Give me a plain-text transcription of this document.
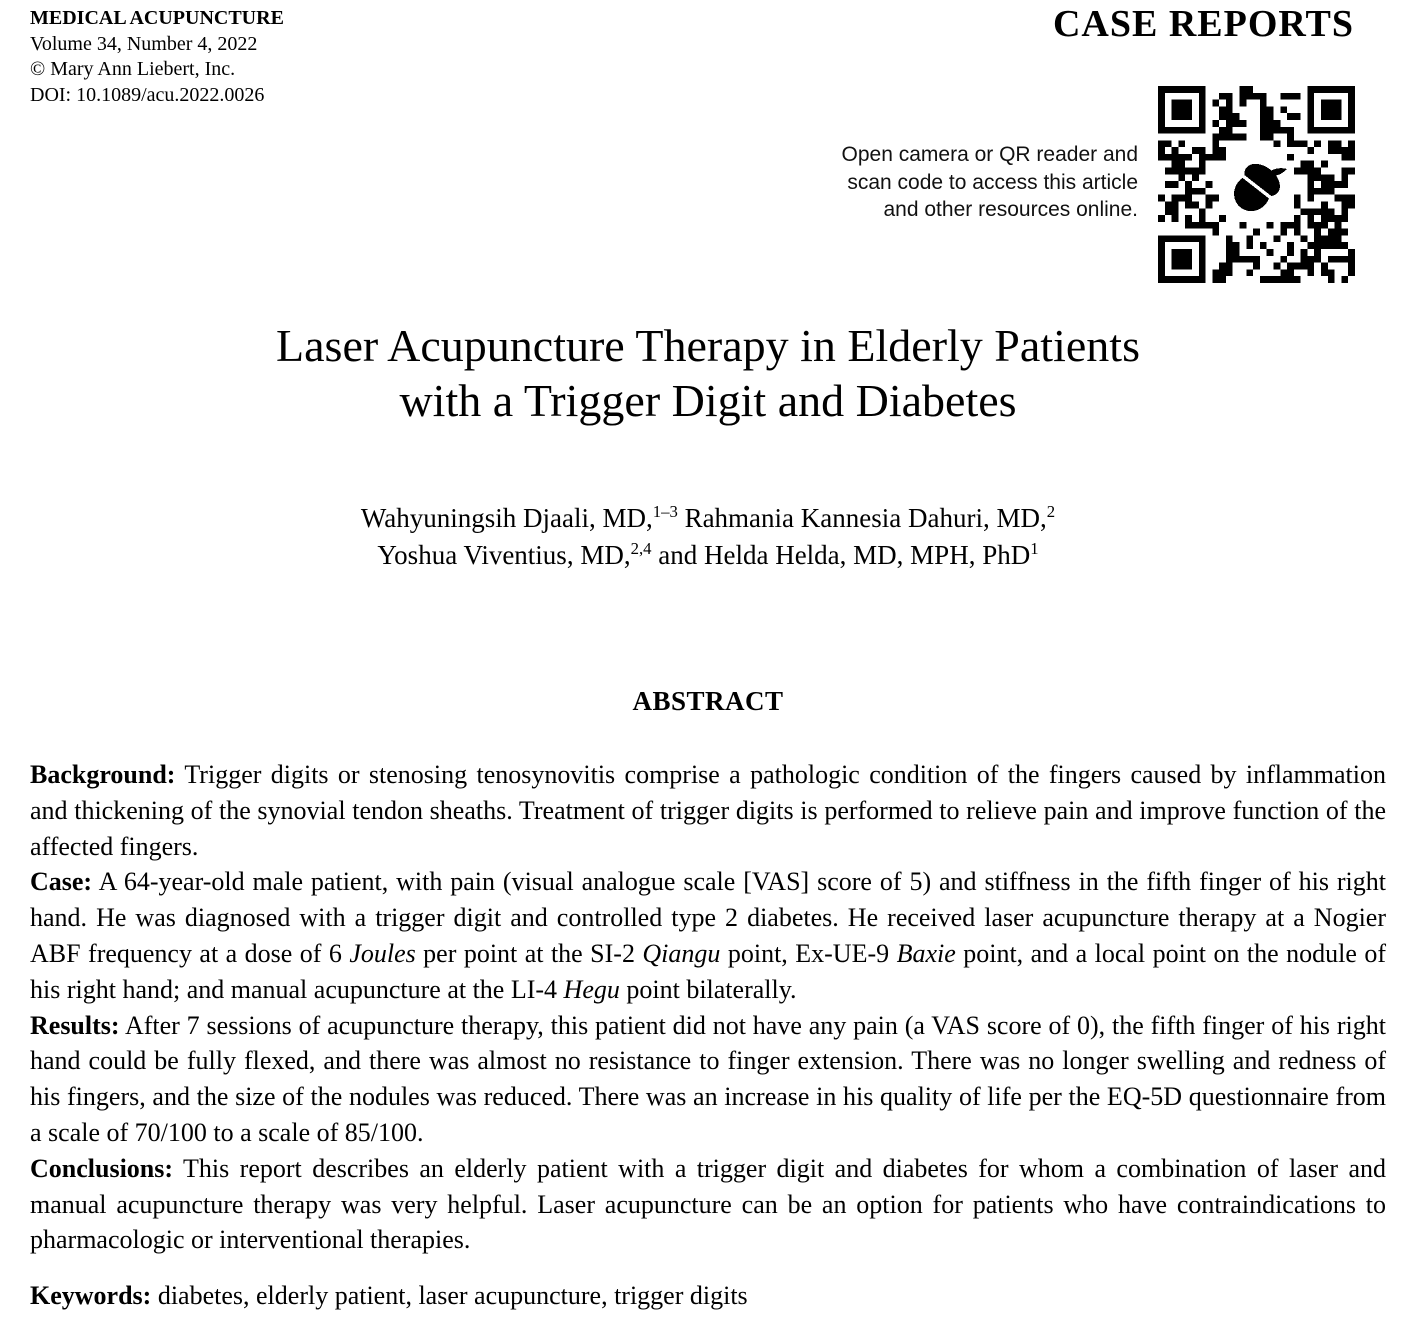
MEDICAL ACUPUNCTURE
Volume 34, Number 4, 2022
© Mary Ann Liebert, Inc.
DOI: 10.1089/acu.2022.0026
CASE REPORTS
Open camera or QR reader and
scan code to access this article
and other resources online.
Laser Acupuncture Therapy in Elderly Patients
with a Trigger Digit and Diabetes
Wahyuningsih Djaali, MD,$^{1-3}$ Rahmania Kannesia Dahuri, MD,$^2$
Yoshua Viventius, MD,$^{2,4}$ and Helda Helda, MD, MPH, PhD$^1$
ABSTRACT

Background: Trigger digits or stenosing tenosynovitis comprise a pathologic condition of the fingers caused by inflammation and thickening of the synovial tendon sheaths. Treatment of trigger digits is performed to relieve pain and improve function of the affected fingers.

Case: A 64-year-old male patient, with pain (visual analogue scale [VAS] score of 5) and stiffness in the fifth finger of his right hand. He was diagnosed with a trigger digit and controlled type 2 diabetes. He received laser acupuncture therapy at a Nogier ABF frequency at a dose of 6 Joules per point at the SI-2 Qiangu point, Ex-UE-9 Baxie point, and a local point on the nodule of his right hand; and manual acupuncture at the LI-4 Hegu point bilaterally.

Results: After 7 sessions of acupuncture therapy, this patient did not have any pain (a VAS score of 0), the fifth finger of his right hand could be fully flexed, and there was almost no resistance to finger extension. There was no longer swelling and redness of his fingers, and the size of the nodules was reduced. There was an increase in his quality of life per the EQ-5D questionnaire from a scale of 70/100 to a scale of 85/100.

Conclusions: This report describes an elderly patient with a trigger digit and diabetes for whom a combination of laser and manual acupuncture therapy was very helpful. Laser acupuncture can be an option for patients who have contraindications to pharmacologic or interventional therapies.

Keywords: diabetes, elderly patient, laser acupuncture, trigger digits
